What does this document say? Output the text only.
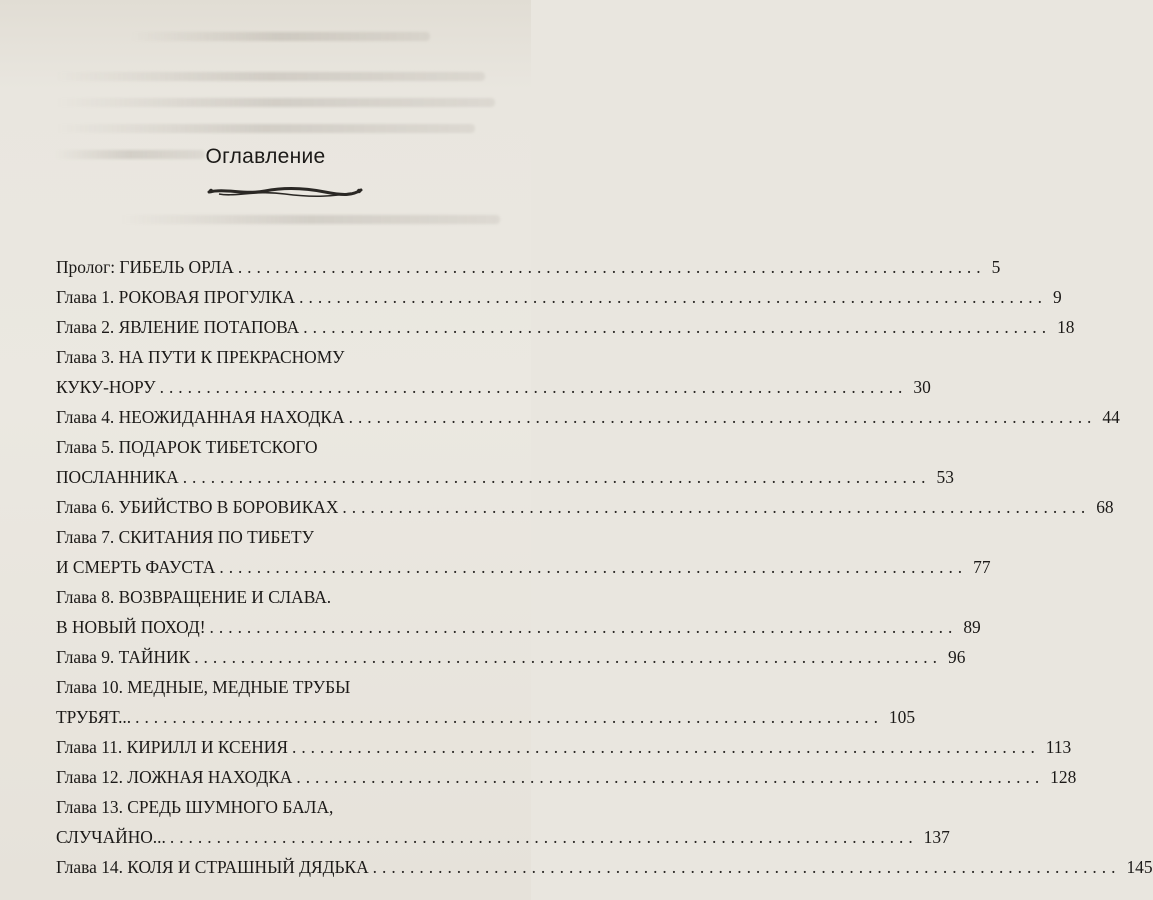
Оглавление
Пролог: ГИБЕЛЬ ОРЛА ................................................................................ 5
Глава 1. РОКОВАЯ ПРОГУЛКА ................................................................................ 9
Глава 2. ЯВЛЕНИЕ ПОТАПОВА ................................................................................ 18
Глава 3. НА ПУТИ К ПРЕКРАСНОМУ
КУКУ-НОРУ ................................................................................ 30
Глава 4. НЕОЖИДАННАЯ НАХОДКА ................................................................................ 44
Глава 5. ПОДАРОК ТИБЕТСКОГО
ПОСЛАННИКА ................................................................................ 53
Глава 6. УБИЙСТВО В БОРОВИКАХ ................................................................................ 68
Глава 7. СКИТАНИЯ ПО ТИБЕТУ
И СМЕРТЬ ФАУСТА ................................................................................ 77
Глава 8. ВОЗВРАЩЕНИЕ И СЛАВА.
В НОВЫЙ ПОХОД! ................................................................................ 89
Глава 9. ТАЙНИК ................................................................................ 96
Глава 10. МЕДНЫЕ, МЕДНЫЕ ТРУБЫ
ТРУБЯТ... ................................................................................ 105
Глава 11. КИРИЛЛ И КСЕНИЯ ................................................................................ 113
Глава 12. ЛОЖНАЯ НАХОДКА ................................................................................ 128
Глава 13. СРЕДЬ ШУМНОГО БАЛА,
СЛУЧАЙНО... ................................................................................ 137
Глава 14. КОЛЯ И СТРАШНЫЙ ДЯДЬКА ................................................................................ 145
